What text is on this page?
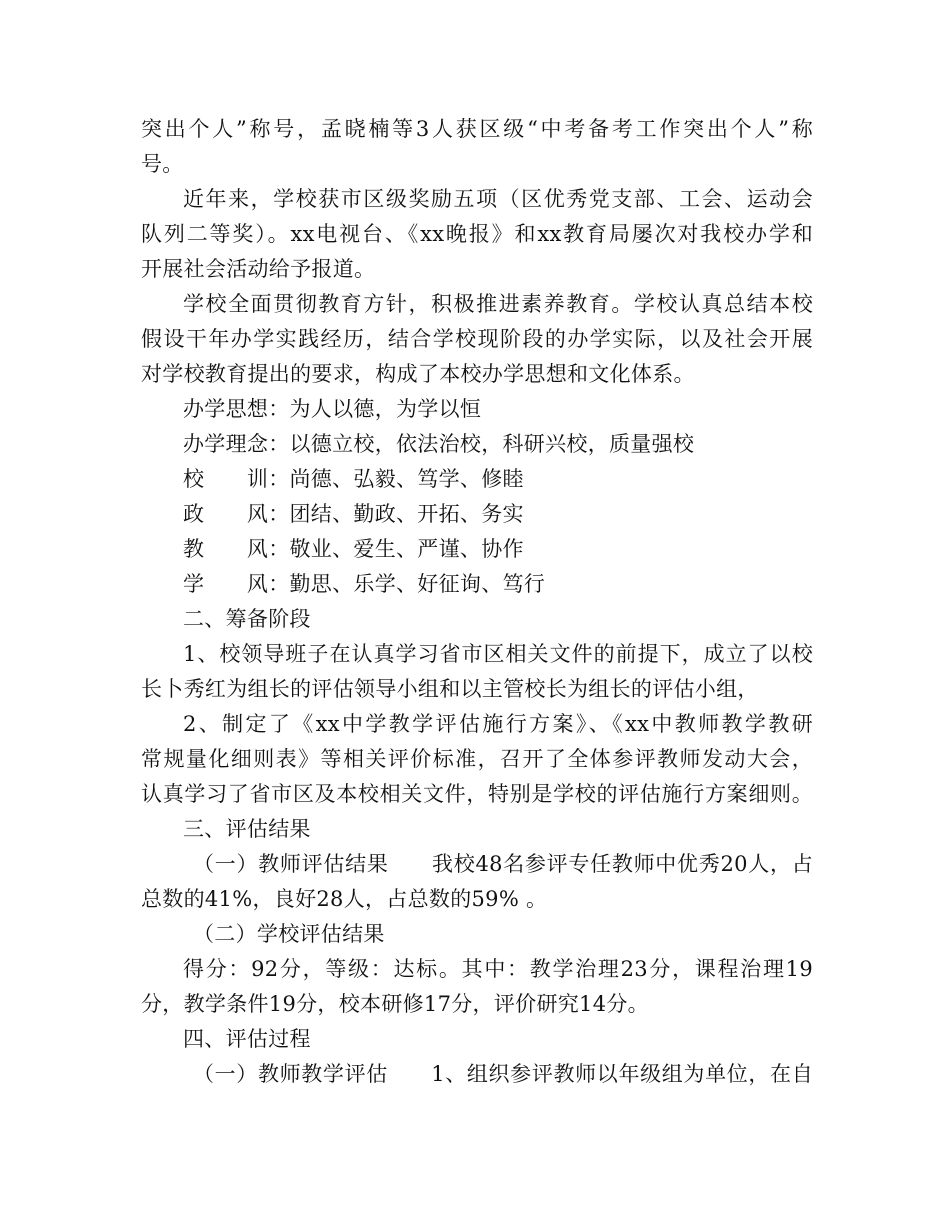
突出个人”称号，孟晓楠等3人获区级“中考备考工作突出个人”称
号。
近年来，学校获市区级奖励五项（区优秀党支部、工会、运动会
队列二等奖）。xx电视台、《xx晚报》和xx教育局屡次对我校办学和
开展社会活动给予报道。
学校全面贯彻教育方针，积极推进素养教育。学校认真总结本校
假设干年办学实践经历，结合学校现阶段的办学实际，以及社会开展
对学校教育提出的要求，构成了本校办学思想和文化体系。
办学思想：为人以德，为学以恒
办学理念：以德立校，依法治校，科研兴校，质量强校
校　　训：尚德、弘毅、笃学、修睦
政　　风：团结、勤政、开拓、务实
教　　风：敬业、爱生、严谨、协作
学　　风：勤思、乐学、好征询、笃行
二、筹备阶段
1、校领导班子在认真学习省市区相关文件的前提下，成立了以校
长卜秀红为组长的评估领导小组和以主管校长为组长的评估小组，
2、制定了《xx中学教学评估施行方案》、《xx中教师教学教研
常规量化细则表》等相关评价标准，召开了全体参评教师发动大会，
认真学习了省市区及本校相关文件，特别是学校的评估施行方案细则。
三、评估结果
（一）教师评估结果　　我校48名参评专任教师中优秀20人，占
总数的41%，良好28人，占总数的59% 。
（二）学校评估结果
得分：92分，等级：达标。其中：教学治理23分，课程治理19
分，教学条件19分，校本研修17分，评价研究14分。
四、评估过程
（一）教师教学评估　　1、组织参评教师以年级组为单位，在自
